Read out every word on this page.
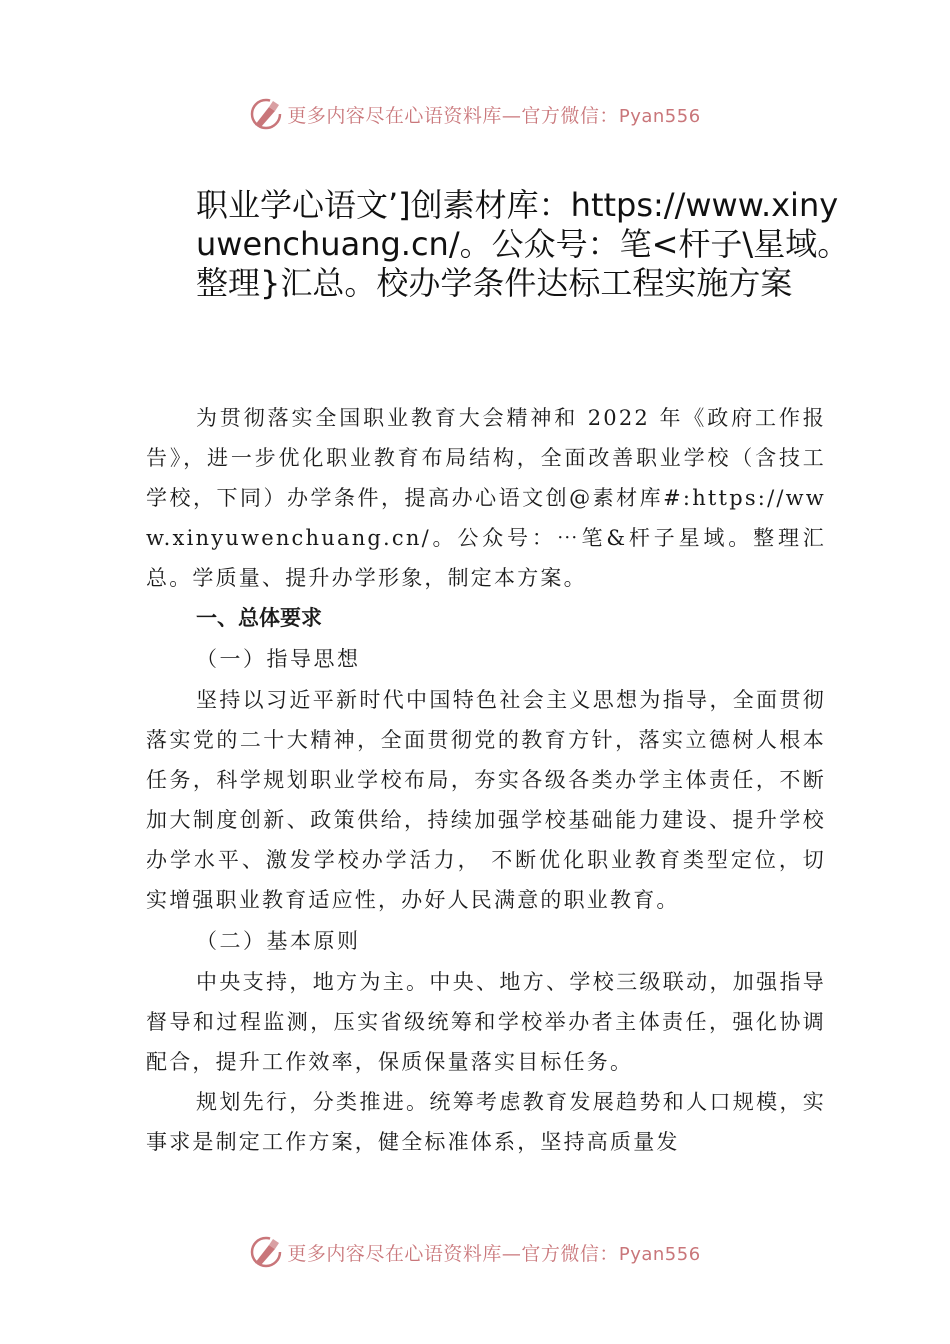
更多内容尽在心语资料库—官方微信：Pyan556
职业学心语文’]创素材库：https://www.xinyuwenchuang.cn/。公众号：笔<杆子\星域。整理}汇总。校办学条件达标工程实施方案

为贯彻落实全国职业教育大会精神和 2022 年《政府工作报告》，进一步优化职业教育布局结构，全面改善职业学校（含技工学校，下同）办学条件，提高办心语文创@素材库#:https://www.xinyuwenchuang.cn/。公众号：⋯笔&杆子星域。整理汇总。学质量、提升办学形象，制定本方案。

一、总体要求

（一）指导思想

坚持以习近平新时代中国特色社会主义思想为指导，全面贯彻落实党的二十大精神，全面贯彻党的教育方针，落实立德树人根本任务，科学规划职业学校布局，夯实各级各类办学主体责任，不断加大制度创新、政策供给，持续加强学校基础能力建设、提升学校办学水平、激发学校办学活力， 不断优化职业教育类型定位，切实增强职业教育适应性，办好人民满意的职业教育。

（二）基本原则

中央支持，地方为主。中央、地方、学校三级联动，加强指导督导和过程监测，压实省级统筹和学校举办者主体责任，强化协调配合，提升工作效率，保质保量落实目标任务。

规划先行，分类推进。统筹考虑教育发展趋势和人口规模，实事求是制定工作方案，健全标准体系，坚持高质量发

更多内容尽在心语资料库—官方微信：Pyan556
